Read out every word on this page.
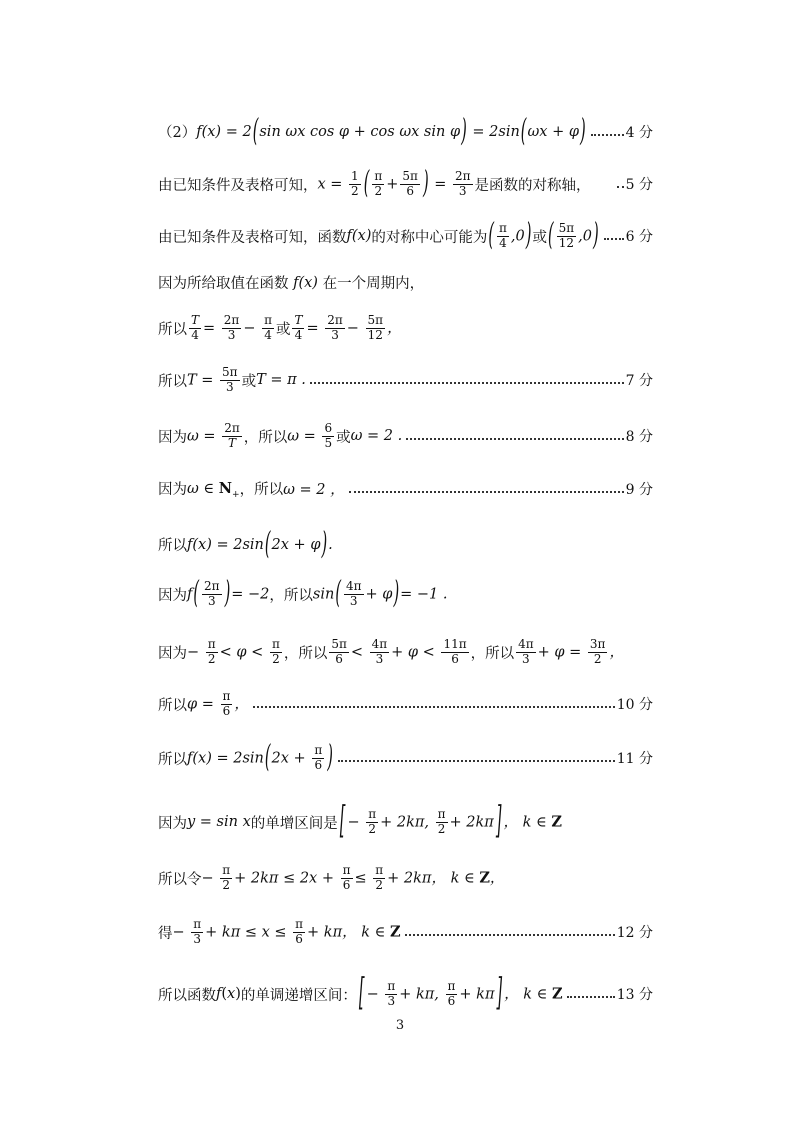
（2） f(x) = 2(sin ωx cos φ + cos ωx sin φ) = 2sin(ωx + φ)	4 分
由已知条件及表格可知， $x = \frac{1}{2}$ ( $\frac{\pi}{2} + \frac{5\pi}{6}$ ) = $\frac{2\pi}{3}$ 是函数的对称轴，	5 分
由已知条件及表格可知，函数 f(x) 的对称中心可能为 ( $\frac{\pi}{4} ,0$) 或 ( $\frac{5\pi}{12} ,0$) 6 分
因为所给取值在函数 f(x) 在一个周期内，
所以 $\frac{T}{4} = \frac{2\pi}{3} - \frac{\pi}{4}$ 或 $\frac{T}{4} = \frac{2\pi}{3} - \frac{5\pi}{12}$ ，
所以 $T = \frac{5\pi}{3}$ 或 T = π .	7 分
因为 $\omega = \frac{2\pi}{T}$ ，所以 $\omega = \frac{6}{5}$ 或 ω = 2 .	8 分
因为 ω ∈ $N_+$ ，所以 ω = 2 ，	9 分
所以 f(x) = 2sin(2x + φ).
因为 $f( \frac{2\pi}{3}$ )= −2 ，所以 $\sin( \frac{4\pi}{3} + \varphi)= -1$ .
因为 − $\frac{\pi}{2} < \varphi < \frac{\pi}{2}$ ，所以 $\frac{5\pi}{6} < \frac{4\pi}{3} + \varphi < \frac{11\pi}{6}$ ，所以 $\frac{4\pi}{3} + \varphi = \frac{3\pi}{2}$ ，
所以 $\varphi = \frac{\pi}{6}$ ，	10 分
所以 $f(x) = 2\sin(2x + \frac{\pi}{6}$ )	11 分
因为 y = sin x 的单增区间是 [ − $\frac{\pi}{2} + 2k\pi$, $\frac{\pi}{2} + 2k\pi$ ] ， k ∈ Z
所以令 − $\frac{\pi}{2} + 2k\pi \le 2x + \frac{\pi}{6} \le \frac{\pi}{2} + 2k\pi$， k ∈ Z，
得 − $\frac{\pi}{3} + k\pi \le x \le \frac{\pi}{6} + k\pi$， k ∈ Z	12 分
所以函数 f(x) 的单调递增区间： [ − $\frac{\pi}{3} + k\pi$, $\frac{\pi}{6} + k\pi$ ] ， k ∈ Z	13 分
3
